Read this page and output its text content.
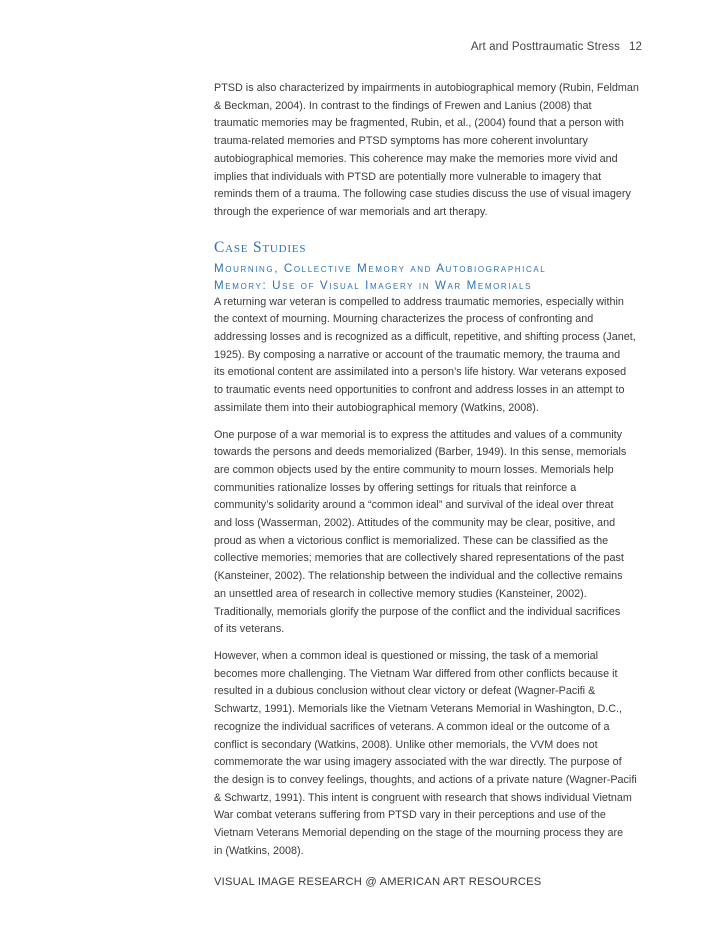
Art and Posttraumatic Stress 12

PTSD is also characterized by impairments in autobiographical memory (Rubin, Feldman
& Beckman, 2004). In contrast to the findings of Frewen and Lanius (2008) that
traumatic memories may be fragmented, Rubin, et al., (2004) found that a person with
trauma-related memories and PTSD symptoms has more coherent involuntary
autobiographical memories. This coherence may make the memories more vivid and
implies that individuals with PTSD are potentially more vulnerable to imagery that
reminds them of a trauma. The following case studies discuss the use of visual imagery
through the experience of war memorials and art therapy.

Case Studies
Mourning, Collective Memory and Autobiographical
Memory: Use of Visual Imagery in War Memorials

A returning war veteran is compelled to address traumatic memories, especially within
the context of mourning. Mourning characterizes the process of confronting and
addressing losses and is recognized as a difficult, repetitive, and shifting process (Janet,
1925). By composing a narrative or account of the traumatic memory, the trauma and
its emotional content are assimilated into a person’s life history. War veterans exposed
to traumatic events need opportunities to confront and address losses in an attempt to
assimilate them into their autobiographical memory (Watkins, 2008).

One purpose of a war memorial is to express the attitudes and values of a community
towards the persons and deeds memorialized (Barber, 1949). In this sense, memorials
are common objects used by the entire community to mourn losses. Memorials help
communities rationalize losses by offering settings for rituals that reinforce a
community’s solidarity around a “common ideal” and survival of the ideal over threat
and loss (Wasserman, 2002). Attitudes of the community may be clear, positive, and
proud as when a victorious conflict is memorialized. These can be classified as the
collective memories; memories that are collectively shared representations of the past
(Kansteiner, 2002). The relationship between the individual and the collective remains
an unsettled area of research in collective memory studies (Kansteiner, 2002).
Traditionally, memorials glorify the purpose of the conflict and the individual sacrifices
of its veterans.

However, when a common ideal is questioned or missing, the task of a memorial
becomes more challenging. The Vietnam War differed from other conflicts because it
resulted in a dubious conclusion without clear victory or defeat (Wagner-Pacifi &
Schwartz, 1991). Memorials like the Vietnam Veterans Memorial in Washington, D.C.,
recognize the individual sacrifices of veterans. A common ideal or the outcome of a
conflict is secondary (Watkins, 2008). Unlike other memorials, the VVM does not
commemorate the war using imagery associated with the war directly. The purpose of
the design is to convey feelings, thoughts, and actions of a private nature (Wagner-Pacifi
& Schwartz, 1991). This intent is congruent with research that shows individual Vietnam
War combat veterans suffering from PTSD vary in their perceptions and use of the
Vietnam Veterans Memorial depending on the stage of the mourning process they are
in (Watkins, 2008).

VISUAL IMAGE RESEARCH @ AMERICAN ART RESOURCES
